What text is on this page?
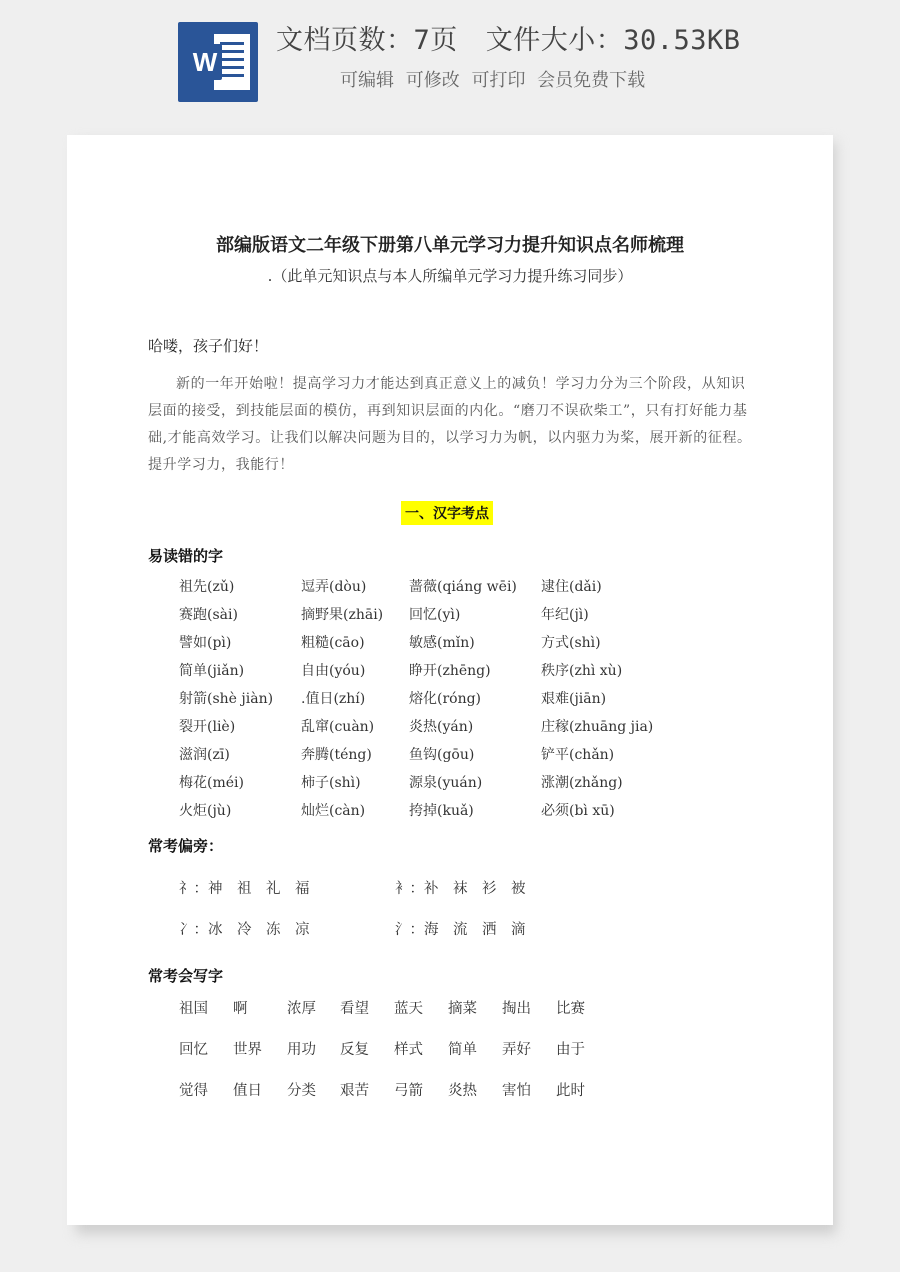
W
文档页数：7页 文件大小：30.53KB
可编辑 可修改 可打印 会员免费下载
部编版语文二年级下册第八单元学习力提升知识点名师梳理
.（此单元知识点与本人所编单元学习力提升练习同步）
哈喽，孩子们好！
新的一年开始啦！提高学习力才能达到真正意义上的减负！学习力分为三个阶段，从知识层面的接受，到技能层面的模仿，再到知识层面的内化。“磨刀不误砍柴工”，只有打好能力基础,才能高效学习。让我们以解决问题为目的，以学习力为帆，以内驱力为桨，展开新的征程。提升学习力，我能行！
一、汉字考点
易读错的字
祖先(zǔ)	逗弄(dòu)	蔷薇(qiáng wēi) 逮住(dǎi)
赛跑(sài)	摘野果(zhāi) 回忆(yì)	年纪(jì)
譬如(pì)	粗糙(cāo)	敏感(mǐn)	方式(shì)
简单(jiǎn)	自由(yóu)	睁开(zhēng)	秩序(zhì xù)
射箭(shè jiàn) .值日(zhí)	熔化(róng)	艰难(jiān)
裂开(liè)	乱窜(cuàn) 炎热(yán)	庄稼(zhuāng jia)
滋润(zī)	奔腾(téng)	鱼钩(gōu)	铲平(chǎn)
梅花(méi)	柿子(shì)	源泉(yuán)	涨潮(zhǎng)
火炬(jù)	灿烂(càn)	挎掉(kuǎ)	必须(bì xū)
常考偏旁：
礻：神　祖　礼　福	衤：补　袜　衫　被
冫：冰　冷　冻　凉	氵：海　流　洒　滴
常考会写字
祖国 啊	浓厚 看望 蓝天 摘菜 掏出 比赛
回忆 世界 用功 反复 样式 简单 弄好 由于
觉得 值日 分类 艰苦 弓箭 炎热 害怕 此时
